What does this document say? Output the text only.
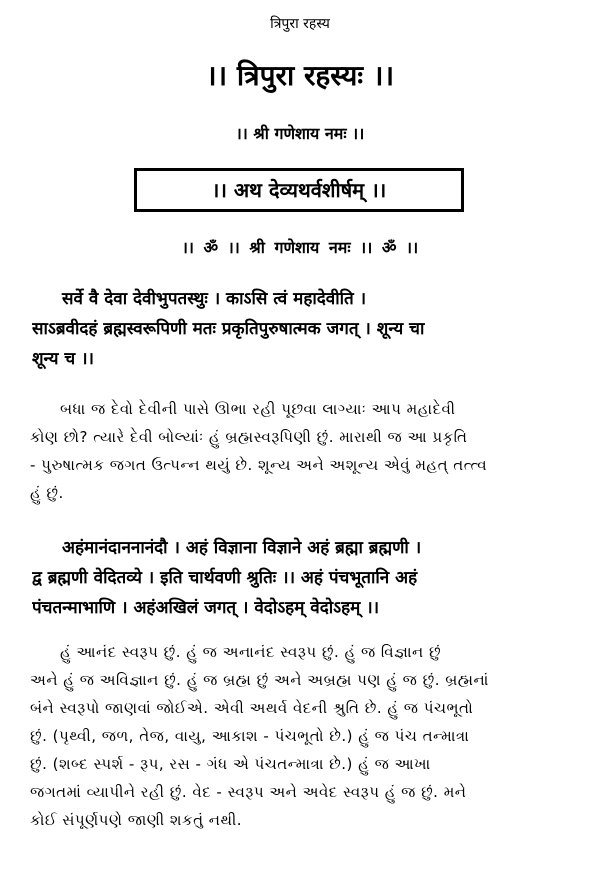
त्रिपुरा रहस्य
।। त्रिपुरा रहस्यः ।।
।। श्री गणेशाय नमः ।।
।। अथ देव्यथर्वशीर्षम् ।।
।। ॐ ।। श्री गणेशाय नमः ।। ॐ ।।
सर्वे वै देवा देवीभुपतस्थुः । काऽसि त्वं महादेवीति ।
साऽब्रवीदहं ब्रह्मस्वरूपिणी मतः प्रकृतिपुरुषात्मक जगत् । शून्य चा
शून्य च ।।
બધા જ દેવો દેવીની પાસે ઊભા રહી પૂછવા લાગ્યાઃ આપ મહાદેવી
કોણ છો? ત્યારે દેવી બોલ્યાંઃ હું બ્રહ્મસ્વરૂપિણી છું. મારાથી જ આ પ્રકૃતિ
- પુરુષાત્મક જગત ઉત્પન્ન થયું છે. શૂન્ય અને અશૂન્ય એવું મહત્ તત્ત્વ
હું છું.
अहंमानंदाननानंदौ । अहं विज्ञाना विज्ञाने अहं ब्रह्मा ब्रह्मणी ।
द्व ब्रह्मणी वेदितव्ये । इति चार्थवणी श्रुतिः ।। अहं पंचभूतानि अहं
पंचतन्माभाणि । अहंअखिलं जगत् । वेदोऽहम् वेदोऽहम् ।।
હું આનંદ સ્વરૂપ છું. હું જ અનાનંદ સ્વરૂપ છું. હું જ વિજ્ઞાન છું
અને હું જ અવિજ્ઞાન છું. હું જ બ્રહ્મ છું અને અબ્રહ્મ પણ હું જ છું. બ્રહ્મનાં
બંને સ્વરૂપો જાણવાં જોઈએ. એવી અથર્વ વેદની શ્રુતિ છે. હું જ પંચભૂતો
છું. (પૃથ્વી, જળ, તેજ, વાયુ, આકાશ - પંચભૂતો છે.) હું જ પંચ તન્માત્રા
છું. (શબ્દ સ્પર્શ - રૂપ, રસ - ગંધ એ પંચતન્માત્રા છે.) હું જ આખા
જગતમાં વ્યાપીને રહી છું. વેદ - સ્વરૂપ અને અવેદ સ્વરૂપ હું જ છું. મને
કોઈ સંપૂર્ણપણે જાણી શકતું નથી.
